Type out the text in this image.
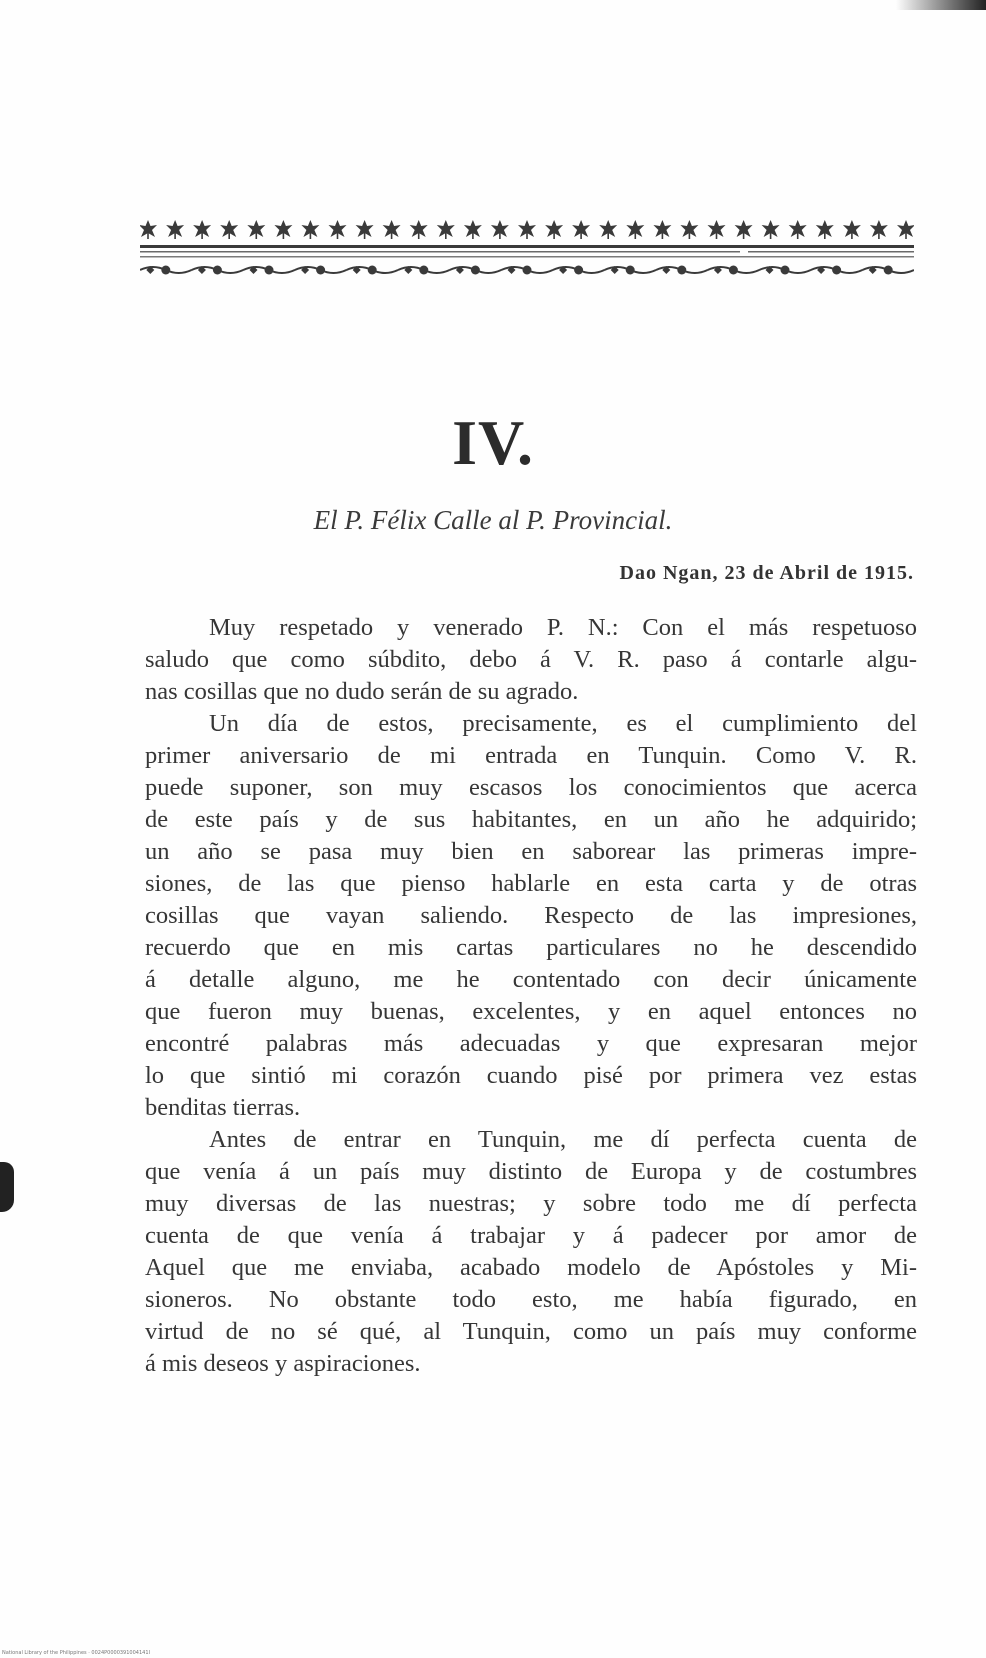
IV.
El P. Félix Calle al P. Provincial.
Dao Ngan, 23 de Abril de 1915.
Muy respetado y venerado P. N.: Con el más respetuoso
saludo que como súbdito, debo á V. R. paso á contarle algu-
nas cosillas que no dudo serán de su agrado.
Un día de estos, precisamente, es el cumplimiento del
primer aniversario de mi entrada en Tunquin. Como V. R.
puede suponer, son muy escasos los conocimientos que acerca
de este país y de sus habitantes, en un año he adquirido;
un año se pasa muy bien en saborear las primeras impre-
siones, de las que pienso hablarle en esta carta y de otras
cosillas que vayan saliendo. Respecto de las impresiones,
recuerdo que en mis cartas particulares no he descendido
á detalle alguno, me he contentado con decir únicamente
que fueron muy buenas, excelentes, y en aquel entonces no
encontré palabras más adecuadas y que expresaran mejor
lo que sintió mi corazón cuando pisé por primera vez estas
benditas tierras.
Antes de entrar en Tunquin, me dí perfecta cuenta de
que venía á un país muy distinto de Europa y de costumbres
muy diversas de las nuestras; y sobre todo me dí perfecta
cuenta de que venía á trabajar y á padecer por amor de
Aquel que me enviaba, acabado modelo de Apóstoles y Mi-
sioneros. No obstante todo esto, me había figurado, en
virtud de no sé qué, al Tunquin, como un país muy conforme
á mis deseos y aspiraciones.
National Library of the Philippines · 0024P0000391004141I
